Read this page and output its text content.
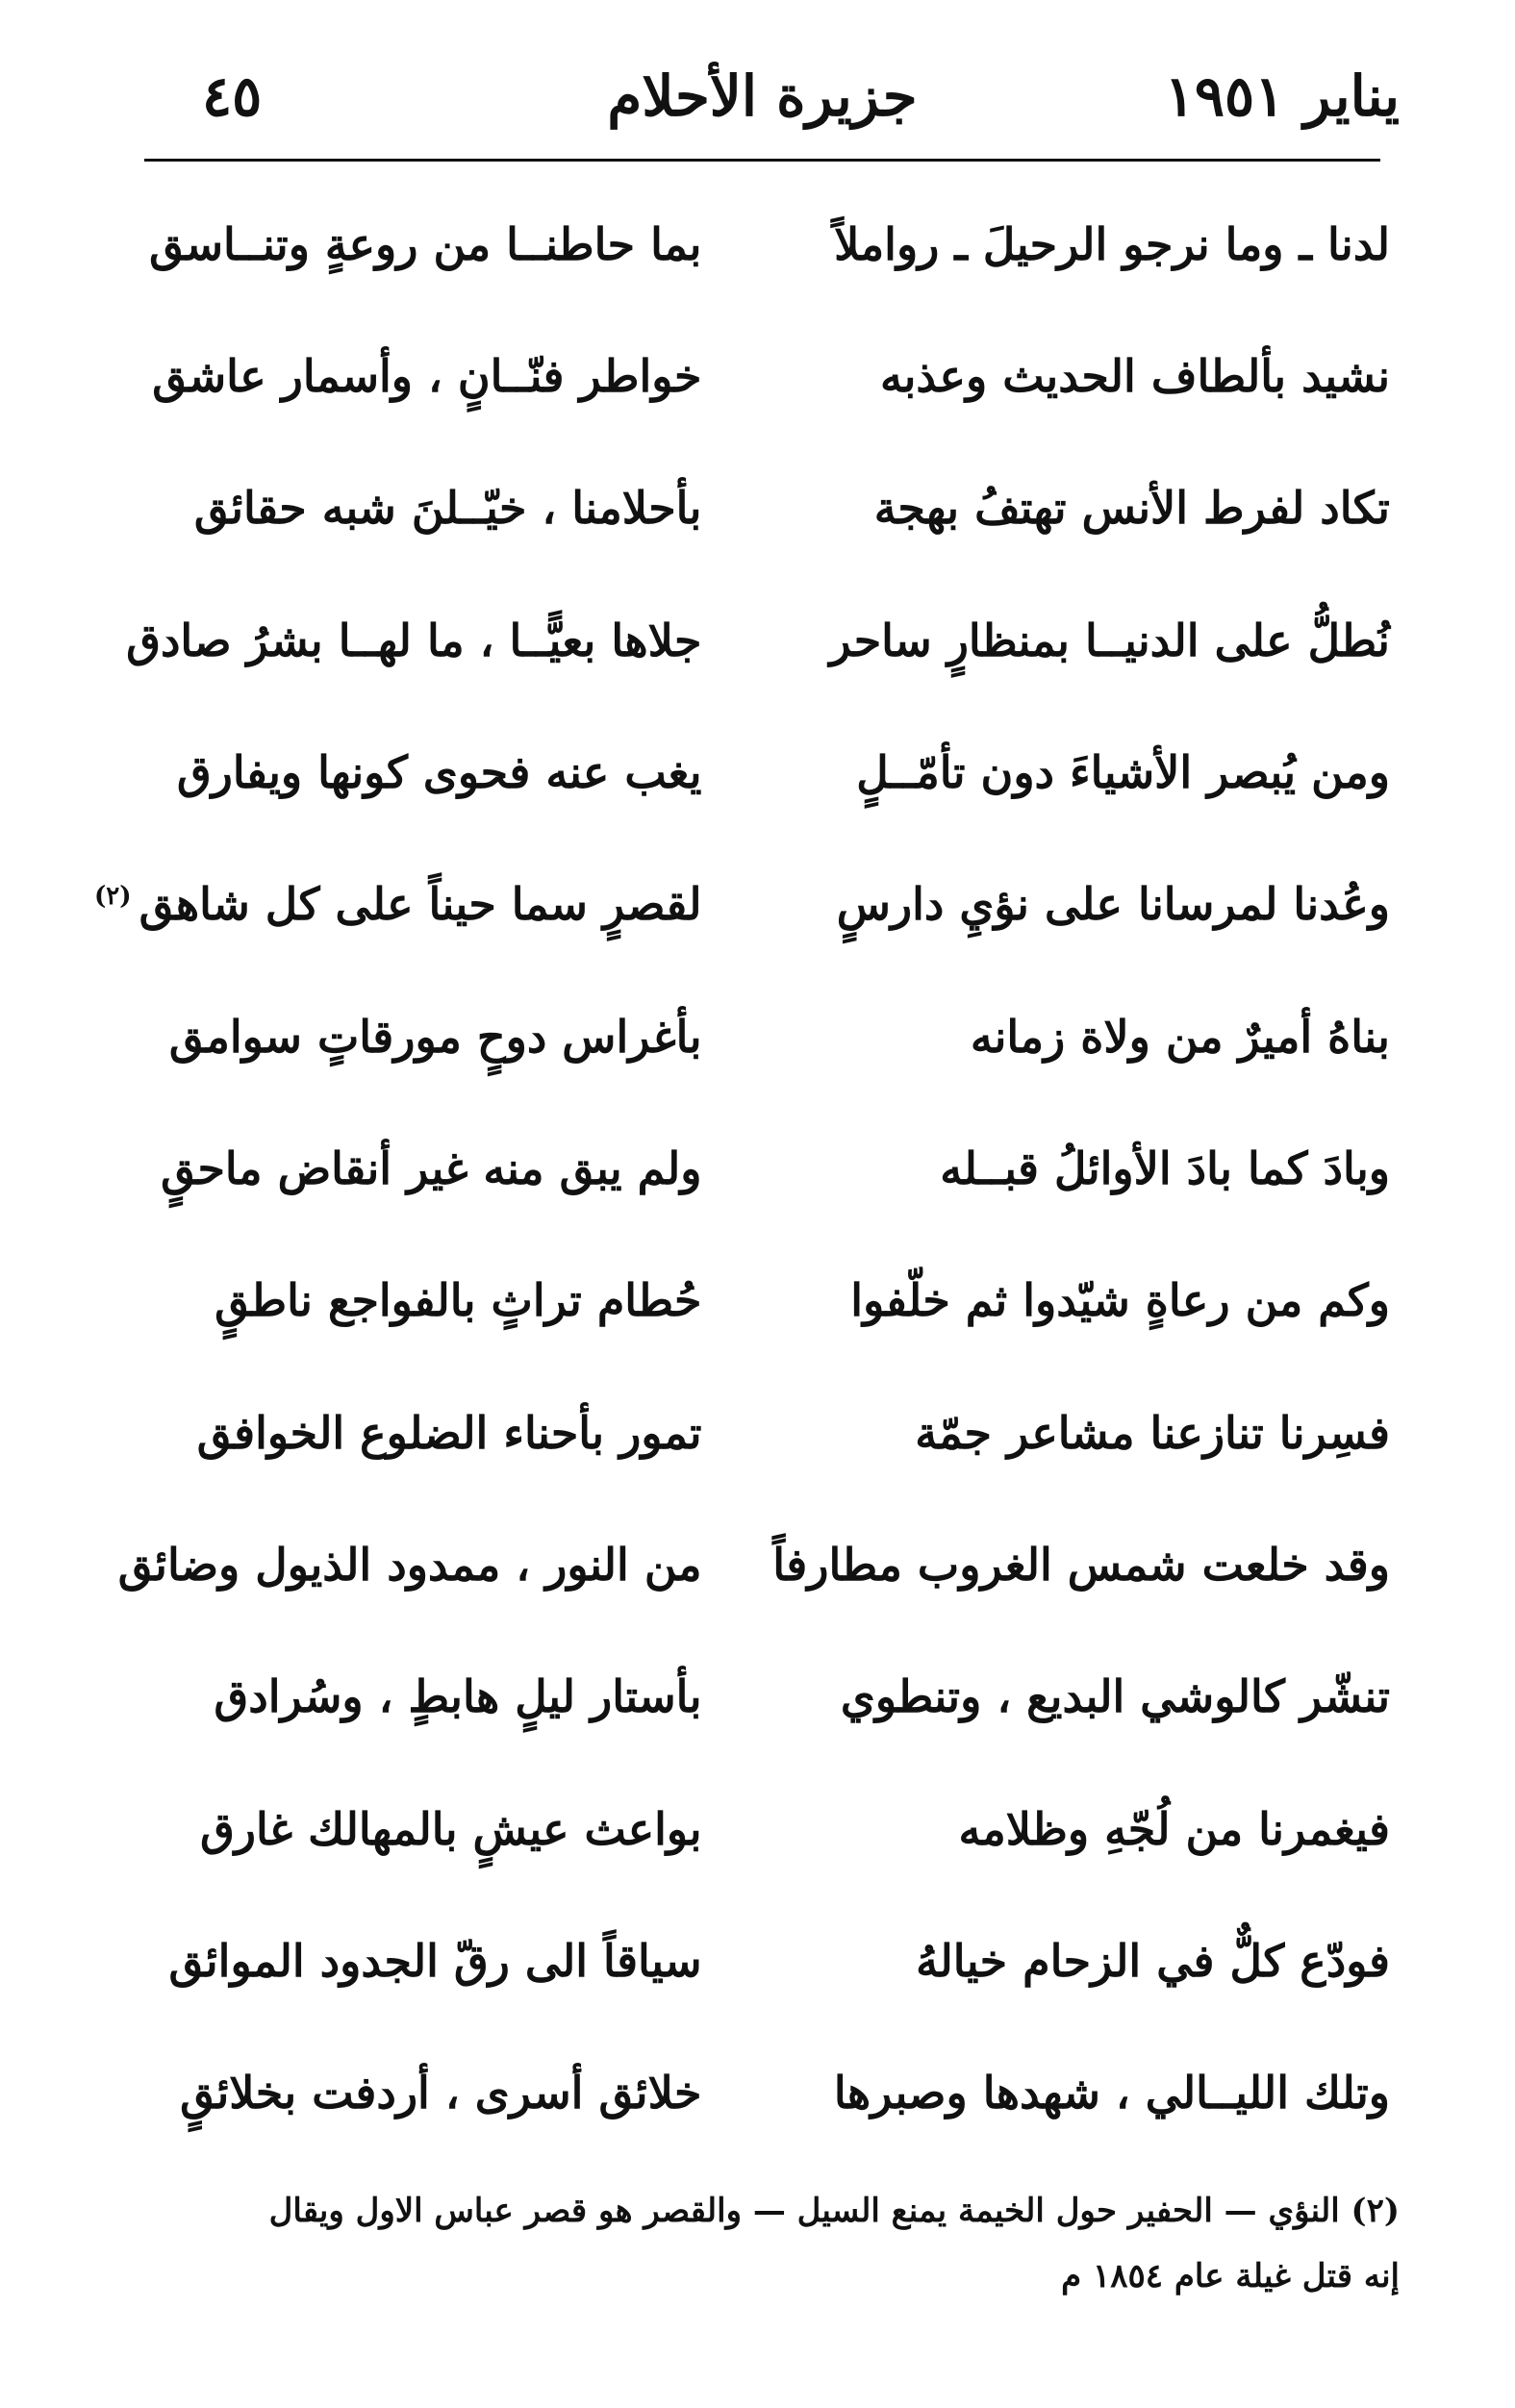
يناير ١٩٥١
جزيرة الأحلام
٤٥
لدنا ـ وما نرجو الرحيلَ ـ رواملاً
بما حاطنــا من روعةٍ وتنــاسق
نشيد بألطاف الحديث وعذبه
خواطر فنّــانٍ ، وأسمار عاشق
تكاد لفرط الأنس تهتفُ بهجة
بأحلامنا ، خيّــلنَ شبه حقائق
نُطلُّ على الدنيــا بمنظارٍ ساحر
جلاها بعيًّــا ، ما لهــا بشرُ صادق
ومن يُبصر الأشياءَ دون تأمّــلٍ
يغب عنه فحوى كونها ويفارق
وعُدنا لمرسانا على نؤيِ دارسٍ
لقصرٍ سما حيناً على كل شاهق$^{(٢)}$
بناهُ أميرٌ من ولاة زمانه
بأغراس دوحٍ مورقاتٍ سوامق
وبادَ كما بادَ الأوائلُ قبــله
ولم يبق منه غير أنقاض ماحقٍ
وكم من رعاةٍ شيّدوا ثم خلّفوا
حُطام تراثٍ بالفواجع ناطقٍ
فسِرنا تنازعنا مشاعر جمّة
تمور بأحناء الضلوع الخوافق
وقد خلعت شمس الغروب مطارفاً
من النور ، ممدود الذيول وضائق
تنشّر كالوشي البديع ، وتنطوي
بأستار ليلٍ هابطٍ ، وسُرادق
فيغمرنا من لُجّهِ وظلامه
بواعث عيشٍ بالمهالك غارق
فودّع كلٌّ في الزحام خيالهُ
سياقاً الى رقّ الجدود الموائق
وتلك الليــالي ، شهدها وصبرها
خلائق أسرى ، أردفت بخلائقٍ
(٢) النؤي — الحفير حول الخيمة يمنع السيل — والقصر هو قصر عباس الاول ويقال
إنه قتل غيلة عام ١٨٥٤ م
